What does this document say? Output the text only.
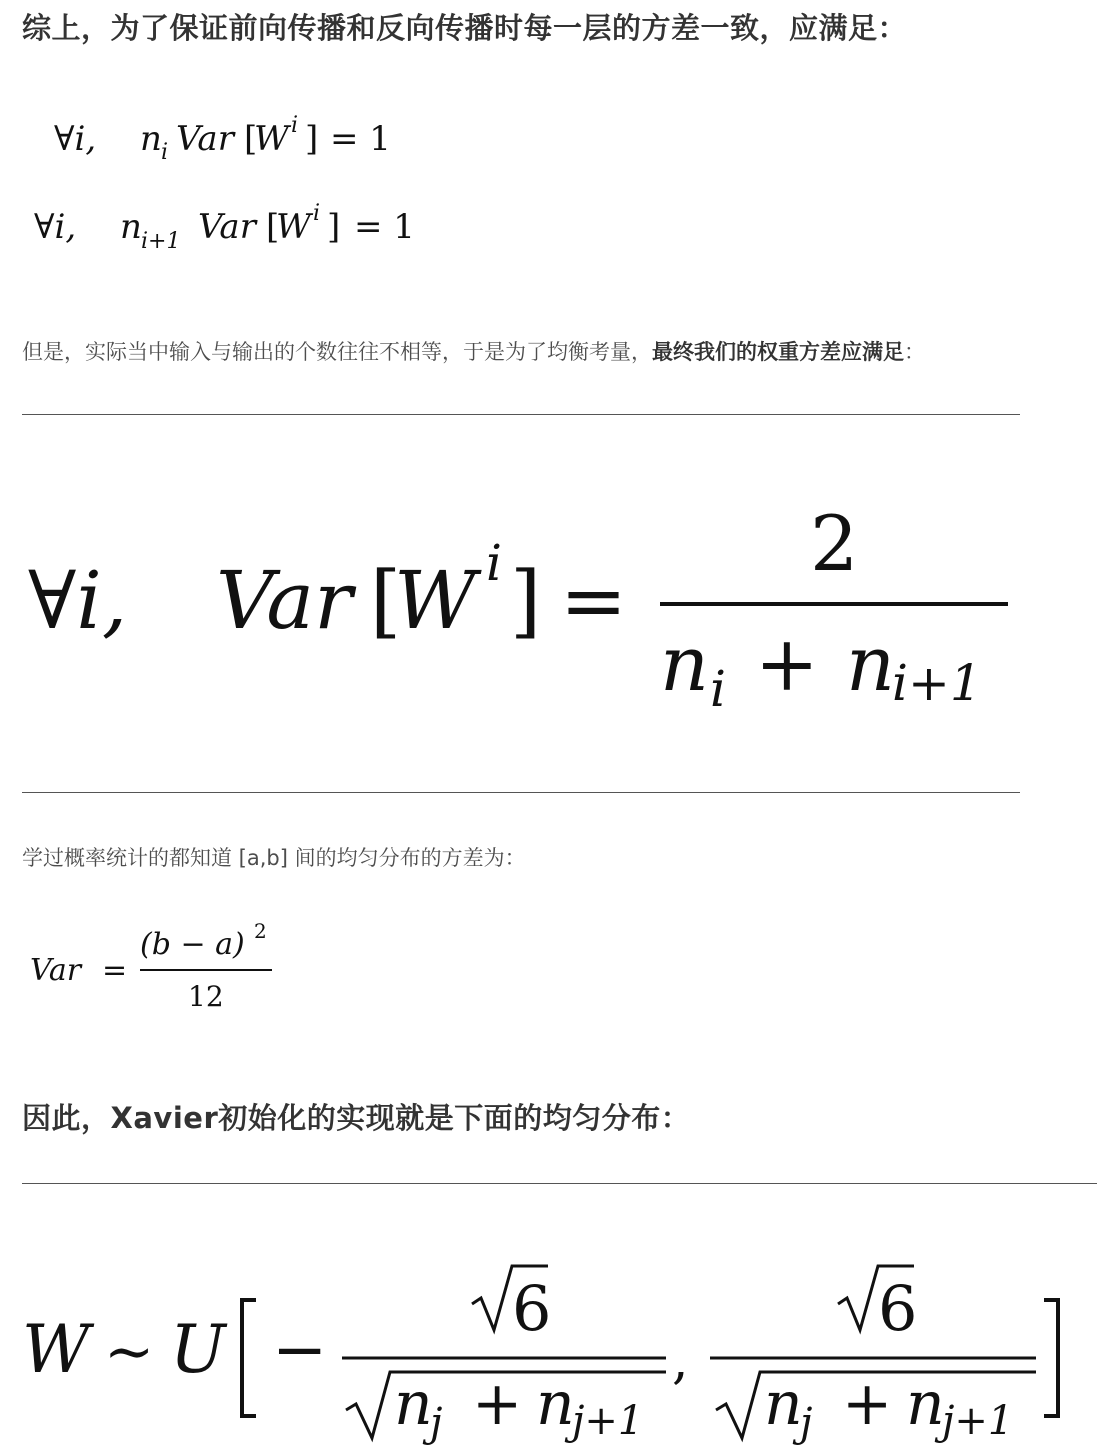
综上，为了保证前向传播和反向传播时每一层的方差一致，应满足：
∀i, n i Var [
W i ] = 1
∀i, n i+1 Var [
W i ] = 1
但是，实际当中输入与输出的个数往往不相等，于是为了均衡考量，最终我们的权重方差应满足：
∀i, Var [
W i ] =
2
n i + n
i+1
学过概率统计的都知道 [a,b] 间的均匀分布的方差为：
Var =
(b − a) 2
12
因此，Xavier初始化的实现就是下面的均匀分布：
W ∼ U −
6
n
j + n
j+1
,
6
n
j + n
j+1
